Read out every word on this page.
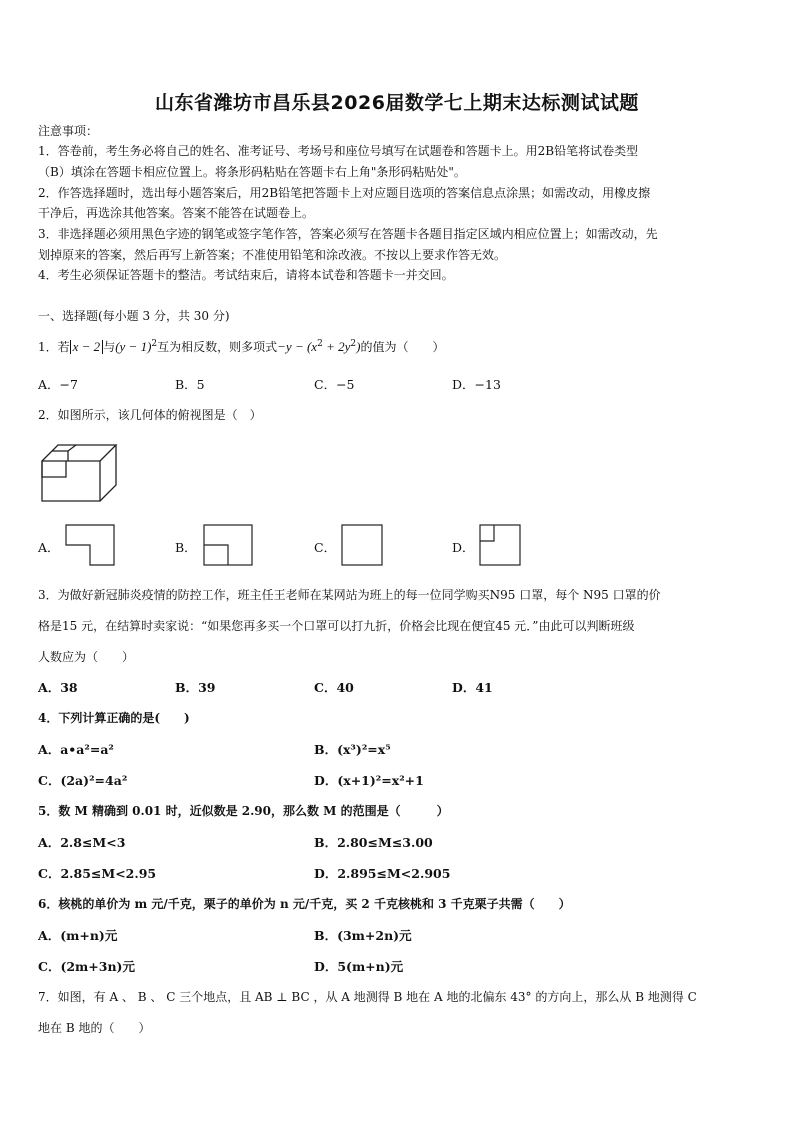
山东省潍坊市昌乐县2026届数学七上期末达标测试试题
注意事项：
1．答卷前，考生务必将自己的姓名、准考证号、考场号和座位号填写在试题卷和答题卡上。用2B铅笔将试卷类型
（B）填涂在答题卡相应位置上。将条形码粘贴在答题卡右上角"条形码粘贴处"。
2．作答选择题时，选出每小题答案后，用2B铅笔把答题卡上对应题目选项的答案信息点涂黑；如需改动，用橡皮擦
干净后，再选涂其他答案。答案不能答在试题卷上。
3．非选择题必须用黑色字迹的钢笔或签字笔作答，答案必须写在答题卡各题目指定区域内相应位置上；如需改动，先
划掉原来的答案，然后再写上新答案；不准使用铅笔和涂改液。不按以上要求作答无效。
4．考生必须保证答题卡的整洁。考试结束后，请将本试卷和答题卡一并交回。
一、选择题(每小题 3 分，共 30 分)
1．若 x − 2 与$(y - 1)^2$互为相反数，则多项式$-y - (x^2 + 2y^2)$的值为（　　）
A．−7	B．5	C．−5	D．−13
2．如图所示，该几何体的俯视图是（　）
A．	B．	C．	D．
3．为做好新冠肺炎疫情的防控工作，班主任王老师在某网站为班上的每一位同学购买N95 口罩，每个 N95 口罩的价
格是15 元，在结算时卖家说：“如果您再多买一个口罩可以打九折，价格会比现在便宜45 元．”由此可以判断班级
人数应为（　　）
A．38	B．39	C．40	D．41
4．下列计算正确的是(　　)
A．a•a²=a²	B．(x³)²=x⁵
C．(2a)²=4a²	D．(x+1)²=x²+1
5．数 M 精确到 0.01 时，近似数是 2.90，那么数 M 的范围是（　　　）
A．2.8≤M<3	B．2.80≤M≤3.00
C．2.85≤M<2.95	D．2.895≤M<2.905
6．核桃的单价为 m 元/千克，栗子的单价为 n 元/千克，买 2 千克核桃和 3 千克栗子共需（　　）
A．(m+n)元	B．(3m+2n)元
C．(2m+3n)元	D．5(m+n)元
7．如图，有 A 、 B 、 C 三个地点，且 AB ⊥ BC ，从 A 地测得 B 地在 A 地的北偏东 43° 的方向上，那么从 B 地测得 C
地在 B 地的（　　）
